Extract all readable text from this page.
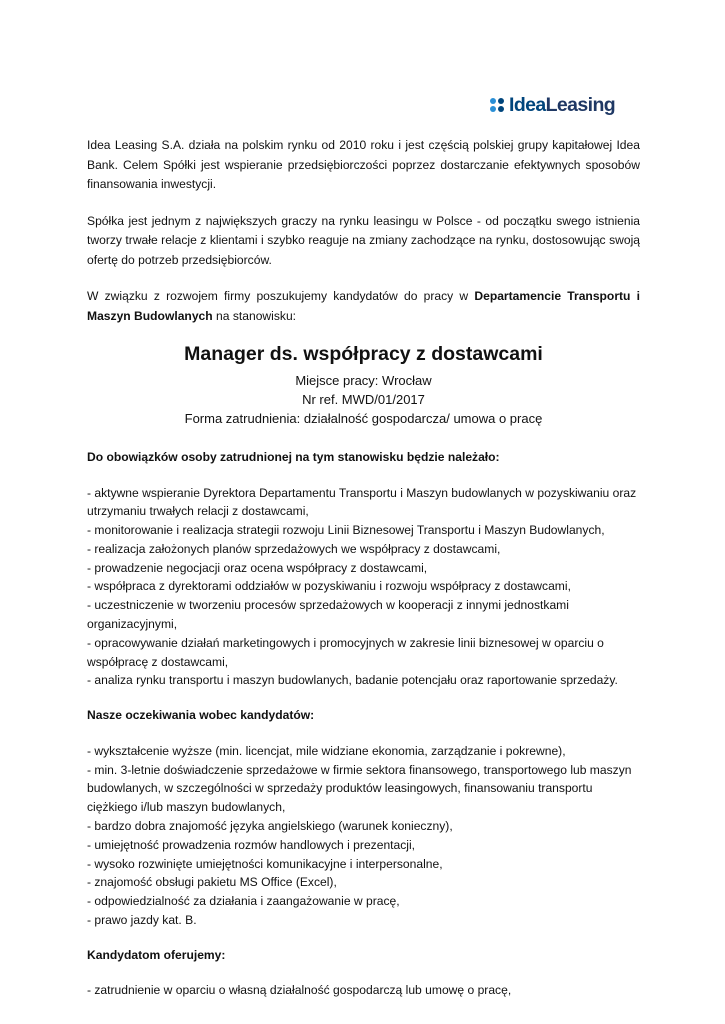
IdeaLeasing

Idea Leasing S.A. działa na polskim rynku od 2010 roku i jest częścią polskiej grupy kapitałowej Idea Bank. Celem Spółki jest wspieranie przedsiębiorczości poprzez dostarczanie efektywnych sposobów finansowania inwestycji.

Spółka jest jednym z największych graczy na rynku leasingu w Polsce - od początku swego istnienia tworzy trwałe relacje z klientami i szybko reaguje na zmiany zachodzące na rynku, dostosowując swoją ofertę do potrzeb przedsiębiorców.

W związku z rozwojem firmy poszukujemy kandydatów do pracy w Departamencie Transportu i Maszyn Budowlanych na stanowisku:

Manager ds. współpracy z dostawcami
Miejsce pracy: Wrocław
Nr ref. MWD/01/2017
Forma zatrudnienia: działalność gospodarcza/ umowa o pracę

Do obowiązków osoby zatrudnionej na tym stanowisku będzie należało:

- aktywne wspieranie Dyrektora Departamentu Transportu i Maszyn budowlanych w pozyskiwaniu oraz utrzymaniu trwałych relacji z dostawcami,

- monitorowanie i realizacja strategii rozwoju Linii Biznesowej Transportu i Maszyn Budowlanych,

- realizacja założonych planów sprzedażowych we współpracy z dostawcami,

- prowadzenie negocjacji oraz ocena współpracy z dostawcami,

- współpraca z dyrektorami oddziałów w pozyskiwaniu i rozwoju współpracy z dostawcami,

- uczestniczenie w tworzeniu procesów sprzedażowych w kooperacji z innymi jednostkami organizacyjnymi,

- opracowywanie działań marketingowych i promocyjnych w zakresie linii biznesowej w oparciu o współpracę z dostawcami,

- analiza rynku transportu i maszyn budowlanych, badanie potencjału oraz raportowanie sprzedaży.

Nasze oczekiwania wobec kandydatów:

- wykształcenie wyższe (min. licencjat, mile widziane ekonomia, zarządzanie i pokrewne),

- min. 3-letnie doświadczenie sprzedażowe w firmie sektora finansowego, transportowego lub maszyn budowlanych, w szczególności w sprzedaży produktów leasingowych, finansowaniu transportu ciężkiego i/lub maszyn budowlanych,

- bardzo dobra znajomość języka angielskiego (warunek konieczny),

- umiejętność prowadzenia rozmów handlowych i prezentacji,

- wysoko rozwinięte umiejętności komunikacyjne i interpersonalne,

- znajomość obsługi pakietu MS Office (Excel),

- odpowiedzialność za działania i zaangażowanie w pracę,

- prawo jazdy kat. B.

Kandydatom oferujemy:

- zatrudnienie w oparciu o własną działalność gospodarczą lub umowę o pracę,
